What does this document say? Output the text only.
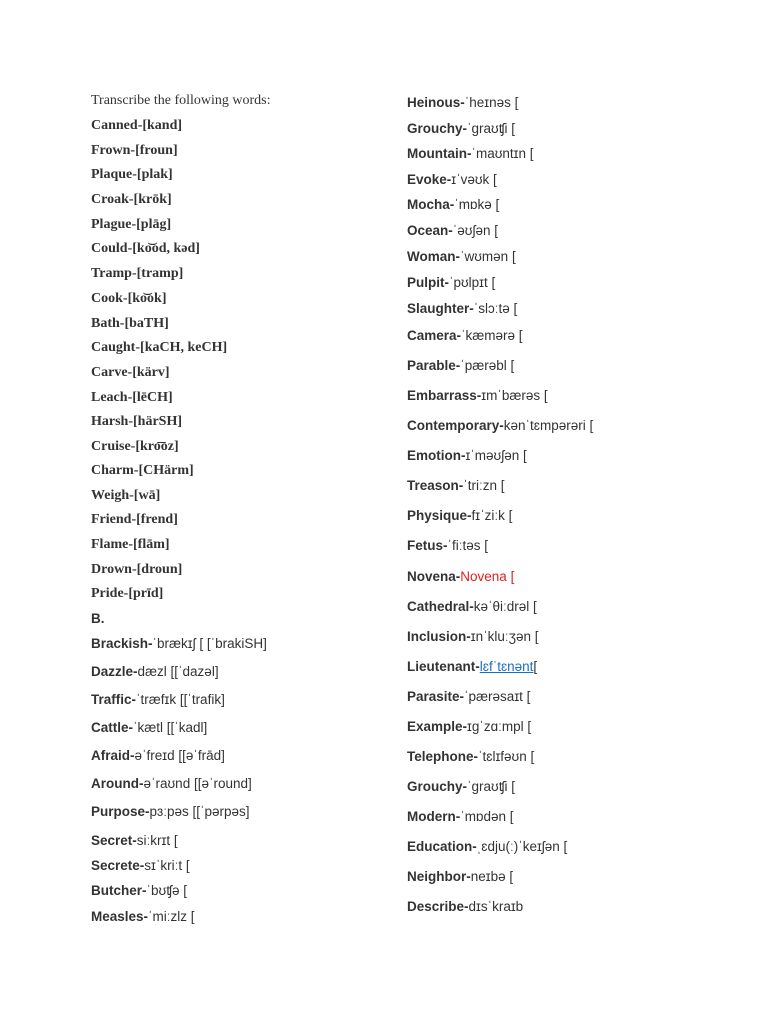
Transcribe the following words:
Canned - [kand]
Frown - [froun]
Plaque - [plak]
Croak - [krōk]
Plague - [plāg]
Could - [ko͝od, kəd]
Tramp - [tramp]
Cook - [ko͝ok]
Bath - [baTH]
Caught - [kaCH, keCH]
Carve - [kärv]
Leach - [lēCH]
Harsh - [härSH]
Cruise - [kro͞oz]
Charm - [CHärm]
Weigh - [wā]
Friend - [frend]
Flame - [flām]
Drown - [droun]
Pride - [prīd]
B.
Brackish - ˈbrækɪʃ [ [ˈbrakiSH]
Dazzle - dæzl [[ˈdazəl]
Traffic - ˈtræfɪk [[ˈtrafik]
Cattle - ˈkætl [[ˈkadl]
Afraid - əˈfreɪd [[əˈfrād]
Around - əˈraʊnd [[əˈround]
Purpose - pɜːpəs [[ˈpərpəs]
Secret - siːkrɪt [
Secrete - sɪˈkriːt [
Butcher - ˈbʊʧə [
Measles - ˈmiːzlz [
Heinous - ˈheɪnəs [
Grouchy - ˈgraʊʧi [
Mountain - ˈmaʊntɪn [
Evoke - ɪˈvəʊk [
Mocha - ˈmɒkə [
Ocean - ˈəʊʃən [
Woman - ˈwʊmən [
Pulpit - ˈpʊlpɪt [
Slaughter - ˈslɔːtə [
Camera - ˈkæmərə [
Parable - ˈpærəbl [
Embarrass - ɪmˈbærəs [
Contemporary - kənˈtɛmpərəri [
Emotion - ɪˈməʊʃən [
Treason - ˈtriːzn [
Physique - fɪˈziːk [
Fetus - ˈfiːtəs [
Novena - Novena [
Cathedral - kəˈθiːdrəl [
Inclusion - ɪnˈkluːʒən [
Lieutenant - lɛfˈtɛnənt [
Parasite - ˈpærəsaɪt [
Example - ɪgˈzɑːmpl [
Telephone - ˈtɛlɪfəʊn [
Grouchy - ˈgraʊʧi [
Modern - ˈmɒdən [
Education - ˌɛdju(ː)ˈkeɪʃən [
Neighbor - neɪbə [
Describe - dɪsˈkraɪb
